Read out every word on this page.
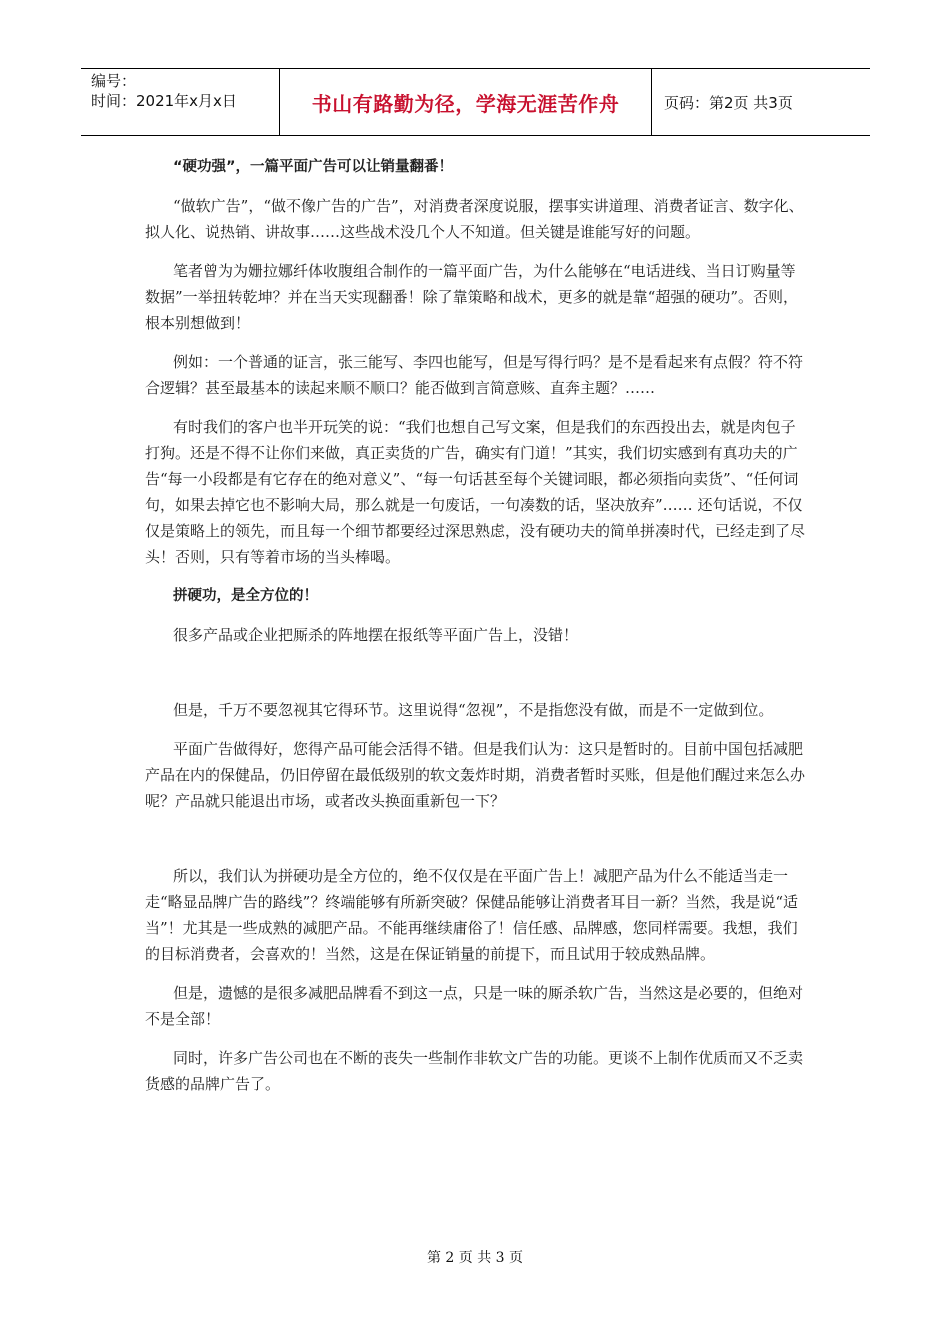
编号：
时间：2021年x月x日	书山有路勤为径，学海无涯苦作舟	页码：第2页 共3页

“硬功强”，一篇平面广告可以让销量翻番！

“做软广告”，“做不像广告的广告”，对消费者深度说服，摆事实讲道理、消费者证言、数字化、拟人化、说热销、讲故事……这些战术没几个人不知道。但关键是谁能写好的问题。

笔者曾为为姗拉娜纤体收腹组合制作的一篇平面广告，为什么能够在“电话进线、当日订购量等数据”一举扭转乾坤？并在当天实现翻番！除了靠策略和战术，更多的就是靠“超强的硬功”。否则，根本别想做到！

例如：一个普通的证言，张三能写、李四也能写，但是写得行吗？是不是看起来有点假？符不符合逻辑？甚至最基本的读起来顺不顺口？能否做到言简意赅、直奔主题？……

有时我们的客户也半开玩笑的说：“我们也想自己写文案，但是我们的东西投出去，就是肉包子打狗。还是不得不让你们来做，真正卖货的广告，确实有门道！”其实，我们切实感到有真功夫的广告“每一小段都是有它存在的绝对意义”、“每一句话甚至每个关键词眼，都必须指向卖货”、“任何词句，如果去掉它也不影响大局，那么就是一句废话，一句凑数的话，坚决放弃”…… 还句话说，不仅仅是策略上的领先，而且每一个细节都要经过深思熟虑，没有硬功夫的简单拼凑时代，已经走到了尽头！否则，只有等着市场的当头棒喝。

拼硬功，是全方位的！

很多产品或企业把厮杀的阵地摆在报纸等平面广告上，没错！

但是，千万不要忽视其它得环节。这里说得“忽视”，不是指您没有做，而是不一定做到位。

平面广告做得好，您得产品可能会活得不错。但是我们认为：这只是暂时的。目前中国包括减肥产品在内的保健品，仍旧停留在最低级别的软文轰炸时期，消费者暂时买账，但是他们醒过来怎么办呢？产品就只能退出市场，或者改头换面重新包一下？

所以，我们认为拼硬功是全方位的，绝不仅仅是在平面广告上！减肥产品为什么不能适当走一走“略显品牌广告的路线”？终端能够有所新突破？保健品能够让消费者耳目一新？当然，我是说“适当”！尤其是一些成熟的减肥产品。不能再继续庸俗了！信任感、品牌感，您同样需要。我想，我们的目标消费者，会喜欢的！当然，这是在保证销量的前提下，而且试用于较成熟品牌。

但是，遗憾的是很多减肥品牌看不到这一点，只是一味的厮杀软广告，当然这是必要的，但绝对不是全部！

同时，许多广告公司也在不断的丧失一些制作非软文广告的功能。更谈不上制作优质而又不乏卖货感的品牌广告了。

第 2 页 共 3 页
